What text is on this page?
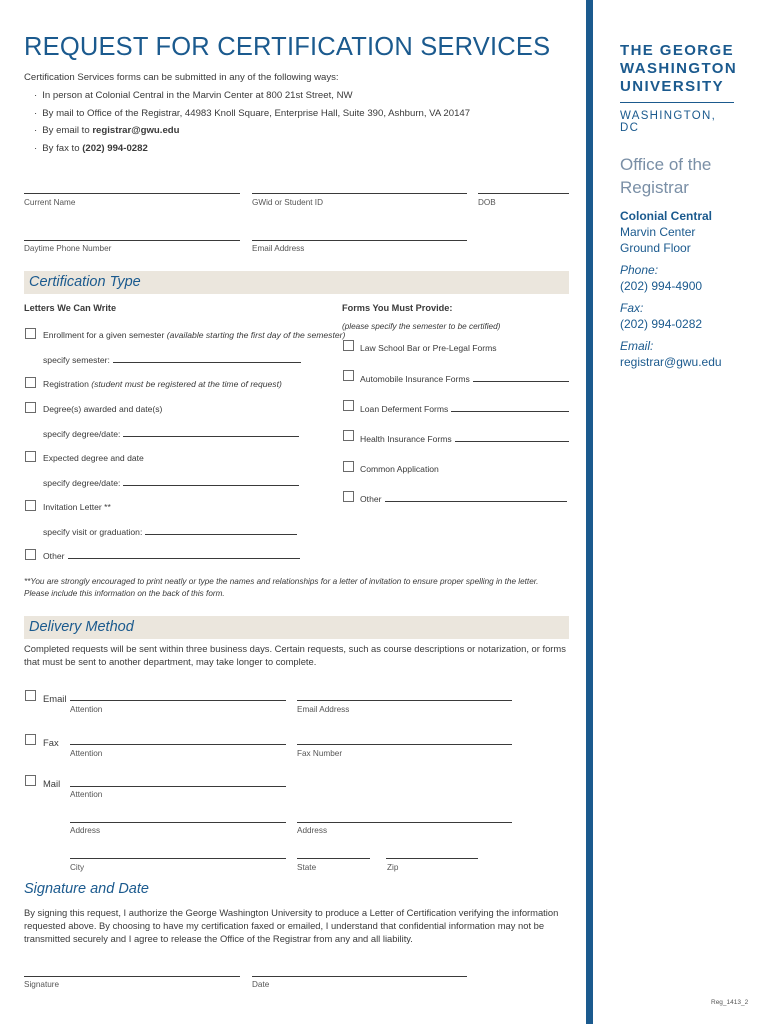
REQUEST FOR CERTIFICATION SERVICES
Certification Services forms can be submitted in any of the following ways:
· In person at Colonial Central in the Marvin Center at 800 21st Street, NW
· By mail to Office of the Registrar, 44983 Knoll Square, Enterprise Hall, Suite 390, Ashburn, VA 20147
· By email to registrar@gwu.edu
· By fax to (202) 994-0282
THE GEORGE
WASHINGTON
UNIVERSITY
WASHINGTON, DC
Office of the
Registrar
Colonial Central
Marvin Center
Ground Floor
Phone:
(202) 994-4900
Fax:
(202) 994-0282
Email:
registrar@gwu.edu
Current Name	GWid or Student ID	DOB
Daytime Phone Number	Email Address
Certification Type
Letters We Can Write	Forms You Must Provide:
(please specify the semester to be certified)
Enrollment for a given semester (available starting the first day of the semester)
specify semester:
Registration (student must be registered at the time of request)
Degree(s) awarded and date(s)
specify degree/date:
Expected degree and date
specify degree/date:
Invitation Letter **
specify visit or graduation:
Other
Law School Bar or Pre-Legal Forms
Automobile Insurance Forms
Loan Deferment Forms
Health Insurance Forms
Common Application
Other
**You are strongly encouraged to print neatly or type the names and relationships for a letter of invitation to ensure proper spelling in the letter. Please include this information on the back of this form.
Delivery Method
Completed requests will be sent within three business days. Certain requests, such as course descriptions or notarization, or forms that must be sent to another department, may take longer to complete.
Email
Attention	Email Address
Fax
Attention	Fax Number
Mail
Attention
Address	Address
City	State	Zip
Signature and Date
By signing this request, I authorize the George Washington University to produce a Letter of Certification verifying the information requested above. By choosing to have my certification faxed or emailed, I understand that confidential information may not be transmitted securely and I agree to release the Office of the Registrar from any and all liability.
Signature	Date
Reg_1413_2
